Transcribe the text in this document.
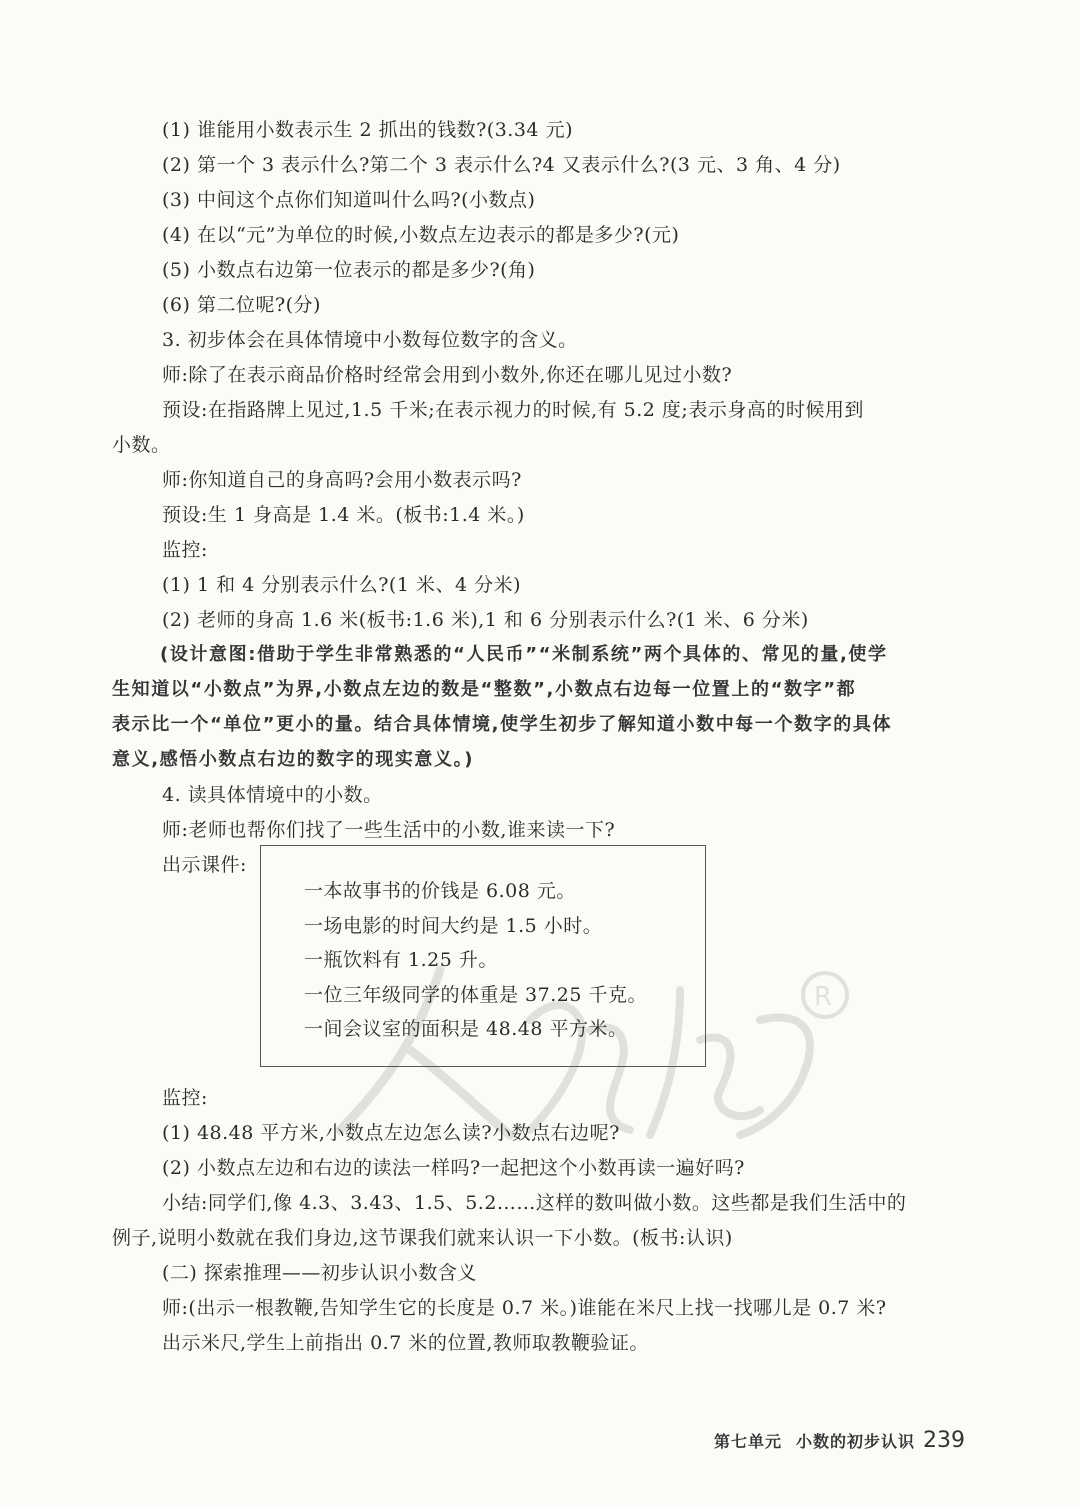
R
(1) 谁能用小数表示生 2 抓出的钱数?(3.34 元)
(2) 第一个 3 表示什么?第二个 3 表示什么?4 又表示什么?(3 元、3 角、4 分)
(3) 中间这个点你们知道叫什么吗?(小数点)
(4) 在以“元”为单位的时候,小数点左边表示的都是多少?(元)
(5) 小数点右边第一位表示的都是多少?(角)
(6) 第二位呢?(分)
3. 初步体会在具体情境中小数每位数字的含义。
师:除了在表示商品价格时经常会用到小数外,你还在哪儿见过小数?
预设:在指路牌上见过,1.5 千米;在表示视力的时候,有 5.2 度;表示身高的时候用到
小数。
师:你知道自己的身高吗?会用小数表示吗?
预设:生 1 身高是 1.4 米。(板书:1.4 米。)
监控:
(1) 1 和 4 分别表示什么?(1 米、4 分米)
(2) 老师的身高 1.6 米(板书:1.6 米),1 和 6 分别表示什么?(1 米、6 分米)
(设计意图:借助于学生非常熟悉的“人民币”“米制系统”两个具体的、常见的量,使学
生知道以“小数点”为界,小数点左边的数是“整数”,小数点右边每一位置上的“数字”都
表示比一个“单位”更小的量。结合具体情境,使学生初步了解知道小数中每一个数字的具体
意义,感悟小数点右边的数字的现实意义。)
4. 读具体情境中的小数。
师:老师也帮你们找了一些生活中的小数,谁来读一下?
出示课件:
一本故事书的价钱是 6.08 元。
一场电影的时间大约是 1.5 小时。
一瓶饮料有 1.25 升。
一位三年级同学的体重是 37.25 千克。
一间会议室的面积是 48.48 平方米。
监控:
(1) 48.48 平方米,小数点左边怎么读?小数点右边呢?
(2) 小数点左边和右边的读法一样吗?一起把这个小数再读一遍好吗?
小结:同学们,像 4.3、3.43、1.5、5.2……这样的数叫做小数。这些都是我们生活中的
例子,说明小数就在我们身边,这节课我们就来认识一下小数。(板书:认识)
(二) 探索推理——初步认识小数含义
师:(出示一根教鞭,告知学生它的长度是 0.7 米。)谁能在米尺上找一找哪儿是 0.7 米?
出示米尺,学生上前指出 0.7 米的位置,教师取教鞭验证。
第七单元 小数的初步认识 239
